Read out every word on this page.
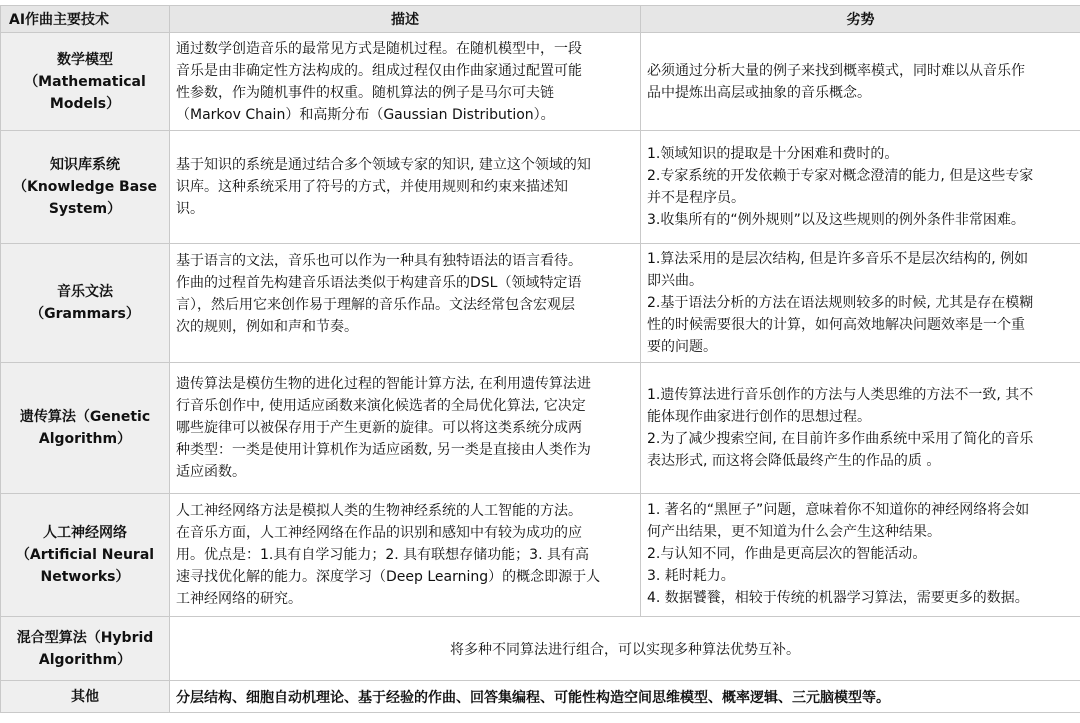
AI作曲主要技术	描述	劣势

数学模型
（Mathematical
Models）	通过数学创造音乐的最常见方式是随机过程。在随机模型中，一段
音乐是由非确定性方法构成的。组成过程仅由作曲家通过配置可能
性参数，作为随机事件的权重。随机算法的例子是马尔可夫链
（Markov Chain）和高斯分布（Gaussian Distribution）。	必须通过分析大量的例子来找到概率模式，同时难以从音乐作
品中提炼出高层或抽象的音乐概念。

知识库系统
（Knowledge Base
System）	基于知识的系统是通过结合多个领域专家的知识, 建立这个领域的知
识库。这种系统采用了符号的方式，并使用规则和约束来描述知
识。	1.领域知识的提取是十分困难和费时的。
2.专家系统的开发依赖于专家对概念澄清的能力, 但是这些专家
并不是程序员。
3.收集所有的“例外规则”以及这些规则的例外条件非常困难。

音乐文法
（Grammars）	基于语言的文法，音乐也可以作为一种具有独特语法的语言看待。
作曲的过程首先构建音乐语法类似于构建音乐的DSL（领域特定语
言），然后用它来创作易于理解的音乐作品。文法经常包含宏观层
次的规则，例如和声和节奏。	1.算法采用的是层次结构, 但是许多音乐不是层次结构的, 例如
即兴曲。
2.基于语法分析的方法在语法规则较多的时候, 尤其是存在模糊
性的时候需要很大的计算，如何高效地解决问题效率是一个重
要的问题。

遗传算法（Genetic
Algorithm）	遗传算法是模仿生物的进化过程的智能计算方法, 在利用遗传算法进
行音乐创作中, 使用适应函数来演化候选者的全局优化算法, 它决定
哪些旋律可以被保存用于产生更新的旋律。可以将这类系统分成两
种类型：一类是使用计算机作为适应函数, 另一类是直接由人类作为
适应函数。	1.遗传算法进行音乐创作的方法与人类思维的方法不一致, 其不
能体现作曲家进行创作的思想过程。
2.为了减少搜索空间, 在目前许多作曲系统中采用了简化的音乐
表达形式, 而这将会降低最终产生的作品的质 。

人工神经网络
（Artificial Neural
Networks）	人工神经网络方法是模拟人类的生物神经系统的人工智能的方法。
在音乐方面，人工神经网络在作品的识别和感知中有较为成功的应
用。优点是：1.具有自学习能力；2. 具有联想存储功能；3. 具有高
速寻找优化解的能力。深度学习（Deep Learning）的概念即源于人
工神经网络的研究。	1. 著名的“黑匣子”问题，意味着你不知道你的神经网络将会如
何产出结果，更不知道为什么会产生这种结果。
2.与认知不同，作曲是更高层次的智能活动。
3. 耗时耗力。
4. 数据饕餮，相较于传统的机器学习算法，需要更多的数据。

混合型算法（Hybrid
Algorithm）	将多种不同算法进行组合，可以实现多种算法优势互补。	
其他	分层结构、细胞自动机理论、基于经验的作曲、回答集编程、可能性构造空间思维模型、概率逻辑、三元脑模型等。	
